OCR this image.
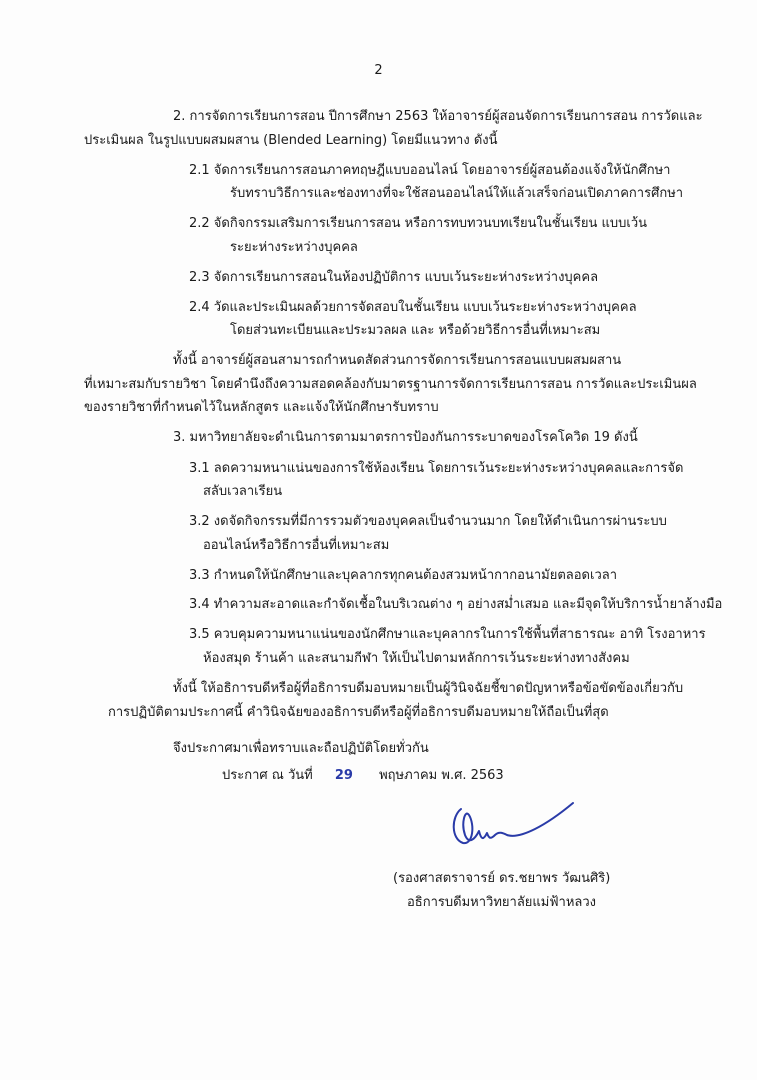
2
2. การจัดการเรียนการสอน ปีการศึกษา 2563 ให้อาจารย์ผู้สอนจัดการเรียนการสอน การวัดและ
ประเมินผล ในรูปแบบผสมผสาน (Blended Learning) โดยมีแนวทาง ดังนี้
2.1 จัดการเรียนการสอนภาคทฤษฎีแบบออนไลน์ โดยอาจารย์ผู้สอนต้องแจ้งให้นักศึกษา
รับทราบวิธีการและช่องทางที่จะใช้สอนออนไลน์ให้แล้วเสร็จก่อนเปิดภาคการศึกษา
2.2 จัดกิจกรรมเสริมการเรียนการสอน หรือการทบทวนบทเรียนในชั้นเรียน แบบเว้น
ระยะห่างระหว่างบุคคล
2.3 จัดการเรียนการสอนในห้องปฏิบัติการ แบบเว้นระยะห่างระหว่างบุคคล
2.4 วัดและประเมินผลด้วยการจัดสอบในชั้นเรียน แบบเว้นระยะห่างระหว่างบุคคล
โดยส่วนทะเบียนและประมวลผล และ หรือด้วยวิธีการอื่นที่เหมาะสม
ทั้งนี้ อาจารย์ผู้สอนสามารถกำหนดสัดส่วนการจัดการเรียนการสอนแบบผสมผสาน
ที่เหมาะสมกับรายวิชา โดยคำนึงถึงความสอดคล้องกับมาตรฐานการจัดการเรียนการสอน การวัดและประเมินผล
ของรายวิชาที่กำหนดไว้ในหลักสูตร และแจ้งให้นักศึกษารับทราบ
3. มหาวิทยาลัยจะดำเนินการตามมาตรการป้องกันการระบาดของโรคโควิด 19 ดังนี้
3.1 ลดความหนาแน่นของการใช้ห้องเรียน โดยการเว้นระยะห่างระหว่างบุคคลและการจัด
สลับเวลาเรียน
3.2 งดจัดกิจกรรมที่มีการรวมตัวของบุคคลเป็นจำนวนมาก โดยให้ดำเนินการผ่านระบบ
ออนไลน์หรือวิธีการอื่นที่เหมาะสม
3.3 กำหนดให้นักศึกษาและบุคลากรทุกคนต้องสวมหน้ากากอนามัยตลอดเวลา
3.4 ทำความสะอาดและกำจัดเชื้อในบริเวณต่าง ๆ อย่างสม่ำเสมอ และมีจุดให้บริการน้ำยาล้างมือ
3.5 ควบคุมความหนาแน่นของนักศึกษาและบุคลากรในการใช้พื้นที่สาธารณะ อาทิ โรงอาหาร
ห้องสมุด ร้านค้า และสนามกีฬา ให้เป็นไปตามหลักการเว้นระยะห่างทางสังคม
ทั้งนี้ ให้อธิการบดีหรือผู้ที่อธิการบดีมอบหมายเป็นผู้วินิจฉัยชี้ขาดปัญหาหรือข้อขัดข้องเกี่ยวกับ
การปฏิบัติตามประกาศนี้ คำวินิจฉัยของอธิการบดีหรือผู้ที่อธิการบดีมอบหมายให้ถือเป็นที่สุด
จึงประกาศมาเพื่อทราบและถือปฏิบัติโดยทั่วกัน
ประกาศ ณ วันที่ 29 พฤษภาคม พ.ศ. 2563
(รองศาสตราจารย์ ดร.ชยาพร วัฒนศิริ)
อธิการบดีมหาวิทยาลัยแม่ฟ้าหลวง
